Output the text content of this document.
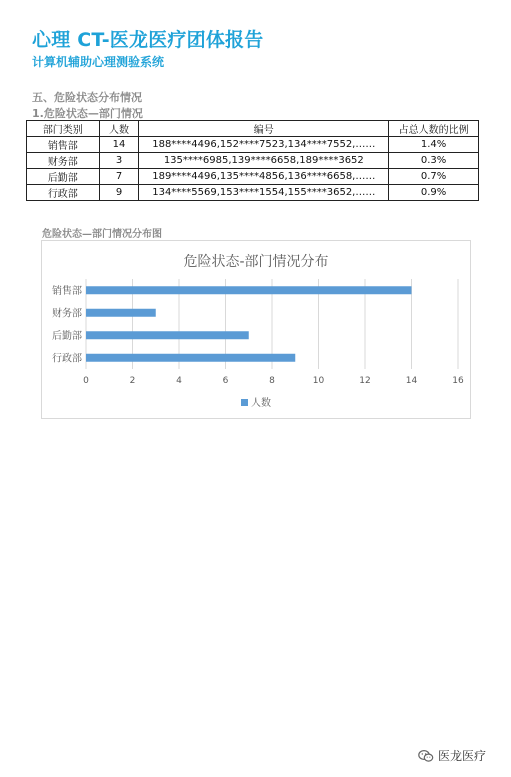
心理 CT-医龙医疗团体报告
计算机辅助心理测验系统
五、危险状态分布情况
1.危险状态—部门情况
部门类别	人数	编号	占总人数的比例
销售部	14	188****4496,152****7523,134****7552,……	1.4%
财务部	3	135****6985,139****6658,189****3652	0.3%
后勤部	7	189****4496,135****4856,136****6658,……	0.7%
行政部	9	134****5569,153****1554,155****3652,……	0.9%
危险状态—部门情况分布图
危险状态-部门情况分布
0	2	4	6	8	10	12	14	16
销售部
财务部
后勤部
行政部
人数
医龙医疗
